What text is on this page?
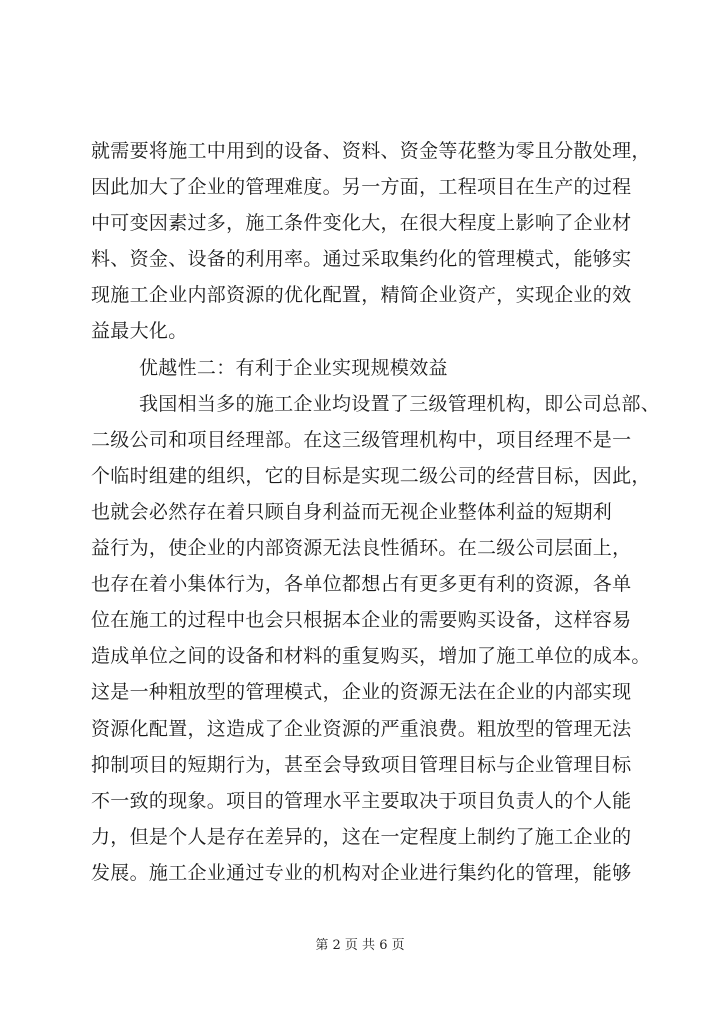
就需要将施工中用到的设备、资料、资金等花整为零且分散处理，
因此加大了企业的管理难度。另一方面，工程项目在生产的过程
中可变因素过多，施工条件变化大，在很大程度上影响了企业材
料、资金、设备的利用率。通过采取集约化的管理模式，能够实
现施工企业内部资源的优化配置，精简企业资产，实现企业的效
益最大化。
优越性二：有利于企业实现规模效益
我国相当多的施工企业均设置了三级管理机构，即公司总部、
二级公司和项目经理部。在这三级管理机构中，项目经理不是一
个临时组建的组织，它的目标是实现二级公司的经营目标，因此，
也就会必然存在着只顾自身利益而无视企业整体利益的短期利
益行为，使企业的内部资源无法良性循环。在二级公司层面上，
也存在着小集体行为，各单位都想占有更多更有利的资源，各单
位在施工的过程中也会只根据本企业的需要购买设备，这样容易
造成单位之间的设备和材料的重复购买，增加了施工单位的成本。
这是一种粗放型的管理模式，企业的资源无法在企业的内部实现
资源化配置，这造成了企业资源的严重浪费。粗放型的管理无法
抑制项目的短期行为，甚至会导致项目管理目标与企业管理目标
不一致的现象。项目的管理水平主要取决于项目负责人的个人能
力，但是个人是存在差异的，这在一定程度上制约了施工企业的
发展。施工企业通过专业的机构对企业进行集约化的管理，能够
第 2 页 共 6 页
